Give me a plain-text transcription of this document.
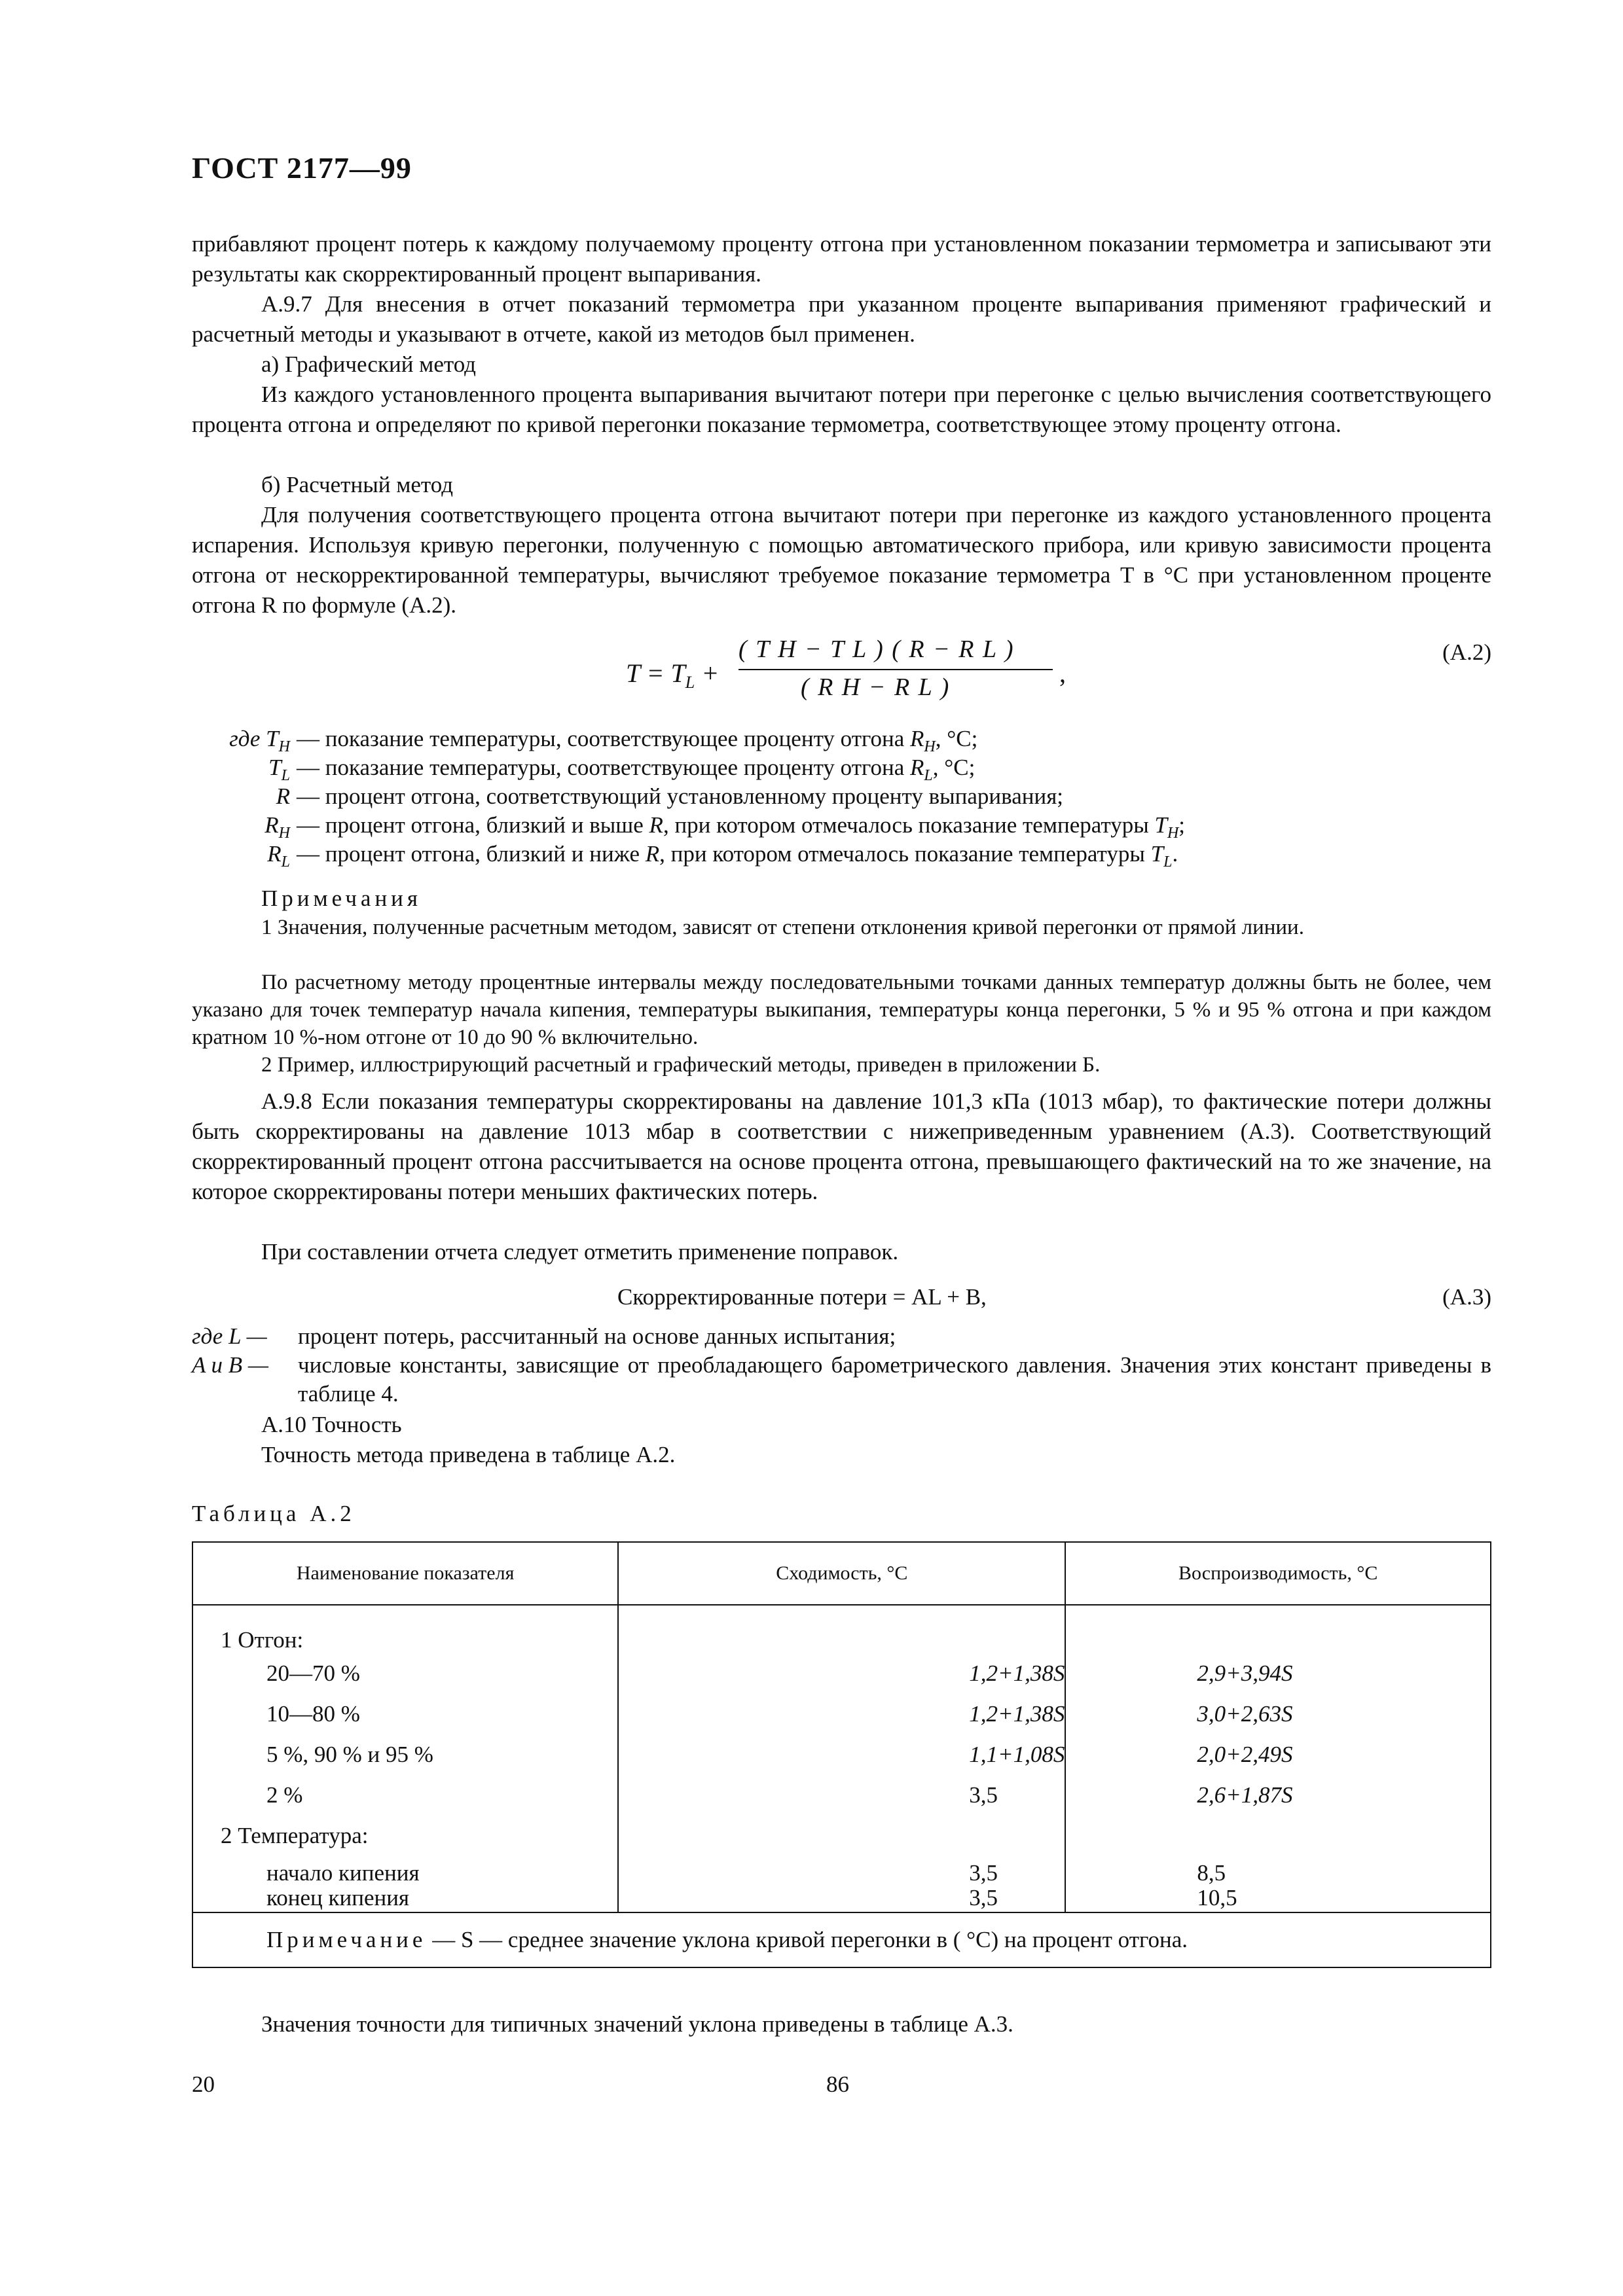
ГОСТ 2177—99
прибавляют процент потерь к каждому получаемому проценту отгона при установленном показании термометра и записывают эти результаты как скорректированный процент выпаривания.
А.9.7 Для внесения в отчет показаний термометра при указанном проценте выпаривания применяют графический и расчетный методы и указывают в отчете, какой из методов был применен.
а) Графический метод
Из каждого установленного процента выпаривания вычитают потери при перегонке с целью вычисления соответствующего процента отгона и определяют по кривой перегонки показание термометра, соответствующее этому проценту отгона.
б) Расчетный метод
Для получения соответствующего процента отгона вычитают потери при перегонке из каждого установленного процента испарения. Используя кривую перегонки, полученную с помощью автоматического прибора, или кривую зависимости процента отгона от нескорректированной температуры, вычисляют требуемое показание термометра T в °С при установленном проценте отгона R по формуле (А.2).
$T = T_L$ +
( T H − T L ) ( R − R L )
( R H − R L )	,
(А.2)
где $T_H$ — показание температуры, соответствующее проценту отгона $R_H$, °С;
$T_L$ — показание температуры, соответствующее проценту отгона $R_L$, °С;
R — процент отгона, соответствующий установленному проценту выпаривания;
$R_H$ — процент отгона, близкий и выше R, при котором отмечалось показание температуры $T_H$;
$R_L$ — процент отгона, близкий и ниже R, при котором отмечалось показание температуры $T_L$.
Примечания
1 Значения, полученные расчетным методом, зависят от степени отклонения кривой перегонки от прямой линии.
По расчетному методу процентные интервалы между последовательными точками данных температур должны быть не более, чем указано для точек температур начала кипения, температуры выкипания, температуры конца перегонки, 5 % и 95 % отгона и при каждом кратном 10 %-ном отгоне от 10 до 90 % включительно.
2 Пример, иллюстрирующий расчетный и графический методы, приведен в приложении Б.
А.9.8 Если показания температуры скорректированы на давление 101,3 кПа (1013 мбар), то фактические потери должны быть скорректированы на давление 1013 мбар в соответствии с нижеприведенным уравнением (А.3). Соответствующий скорректированный процент отгона рассчитывается на основе процента отгона, превышающего фактический на то же значение, на которое скорректированы потери меньших фактических потерь.
При составлении отчета следует отметить применение поправок.
Скорректированные потери = AL + B,	(А.3)
где L —	процент потерь, рассчитанный на основе данных испытания;
A и B —	числовые константы, зависящие от преобладающего барометрического давления. Значения этих констант приведены в таблице 4.
А.10 Точность
Точность метода приведена в таблице А.2.
Таблица А.2
Наименование показателя	Сходимость, °С	Воспроизводимость, °С
1 Отгон:		
20—70 %	1,2+1,38S	2,9+3,94S
10—80 %	1,2+1,38S	3,0+2,63S
5 %, 90 % и 95 %	1,1+1,08S	2,0+2,49S
2 %	3,5	2,6+1,87S
2 Температура:		
начало кипения	3,5	8,5
конец кипения	3,5	10,5
Примечание — S — среднее значение уклона кривой перегонки в ( °С) на процент отгона.		
Значения точности для типичных значений уклона приведены в таблице А.3.
20	86
